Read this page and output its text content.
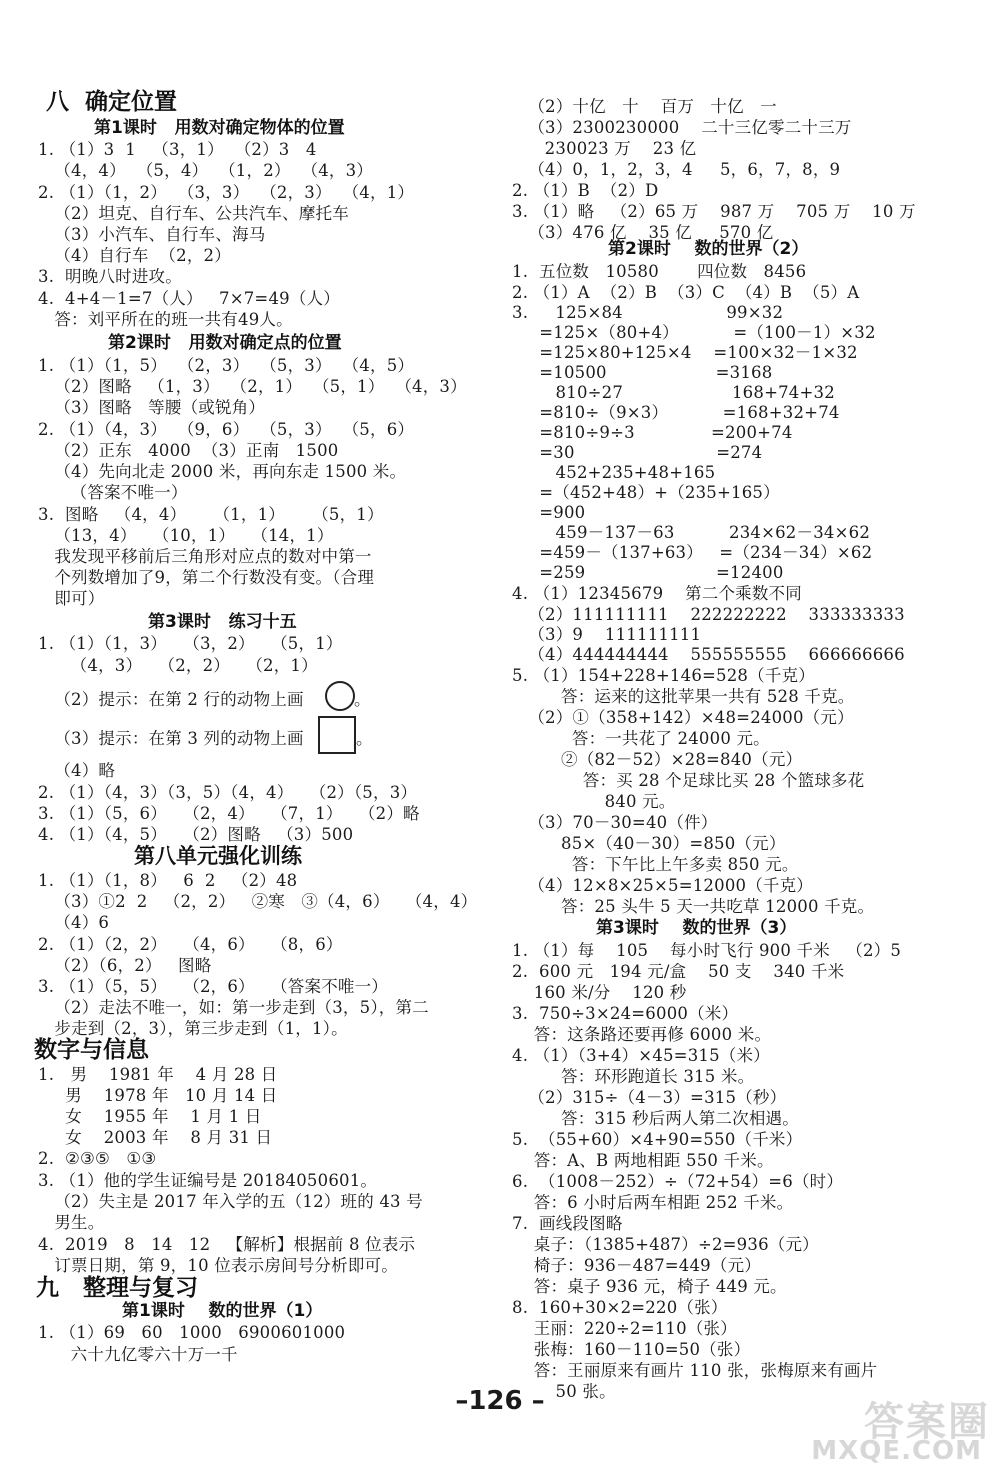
八  确定位置
第1课时   用数对确定物体的位置
1. （1）3  1   （3，1）  （2）3   4
（4，4）  （5，4）  （1，2）  （4，3）
2. （1）（1，2）  （3，3）  （2，3）  （4，1）
（2）坦克、自行车、公共汽车、摩托车
（3）小汽车、自行车、海马
（4）自行车  （2，2）
3.  明晚八时进攻。
4.  4+4－1=7（人）   7×7=49（人）
答：刘平所在的班一共有49人。
第2课时   用数对确定点的位置
1. （1）（1，5）  （2，3）  （5，3）  （4，5）
（2）图略   （1，3）  （2，1）  （5，1）  （4，3）
（3）图略   等腰（或锐角）
2. （1）（4，3）  （9，6）  （5，3）  （5，6）
（2）正东   4000  （3）正南   1500
（4）先向北走 2000 米，再向东走 1500 米。
（答案不唯一）
3.  图略   （4，4）     （1，1）     （5，1）
（13，4）   （10，1）   （14，1）
我发现平移前后三角形对应点的数对中第一
个列数增加了9，第二个行数没有变。（合理
即可）
第3课时   练习十五
1. （1）（1，3）   （3，2）   （5，1）
（4，3）   （2，2）   （2，1）
（2）提示：在第 2 行的动物上画	。
（3）提示：在第 3 列的动物上画	。
（4）略
2. （1）（4，3）（3，5）（4，4）   （2）（5，3）
3. （1）（5，6）   （2，4）   （7，1）   （2）略
4. （1）（4，5）   （2）图略   （3）500
第八单元强化训练
1. （1）（1，8）   6  2   （2）48
（3）①2  2   （2，2）   ②寒   ③（4，6）   （4，4）
（4）6
2. （1）（2，2）   （4，6）   （8，6）
（2）（6，2）   图略
3. （1）（5，5）   （2，6）   （答案不唯一）
（2）走法不唯一，如：第一步走到（3，5），第二
步走到（2，3），第三步走到（1，1）。
数字与信息
1.   男    1981 年    4 月 28 日
男    1978 年   10 月 14 日
女    1955 年    1 月 1 日
女    2003 年    8 月 31 日
2.  ②③⑤   ①③
3. （1）他的学生证编号是 20184050601。
（2）失主是 2017 年入学的五（12）班的 43 号
男生。
4.  2019   8   14   12   【解析】根据前 8 位表示
订票日期，第 9，10 位表示房间号分析即可。
九   整理与复习
第1课时    数的世界（1）
1. （1）69   60   1000   6900601000
六十九亿零六十万一千
（2）十亿   十    百万   十亿   一
（3）2300230000    二十三亿零二十三万
230023 万    23 亿
（4）0，1，2，3，4     5，6，7，8，9
2. （1）B  （2）D
3. （1）略   （2）65 万    987 万    705 万    10 万
（3）476 亿    35 亿     570 亿
第2课时    数的世界（2）
1.  五位数   10580       四位数   8456
2. （1）A  （2）B  （3）C  （4）B  （5）A
3.     125×84                   99×32
=125×（80+4）          =（100－1）×32
=125×80+125×4    =100×32－1×32
=10500                    =3168
810÷27                    168+74+32
=810÷（9×3）          =168+32+74
=810÷9÷3              =200+74
=30                          =274
452+235+48+165
=（452+48）+（235+165）
=900
459－137－63          234×62－34×62
=459－（137+63）   =（234－34）×62
=259                        =12400
4. （1）12345679    第二个乘数不同
（2）111111111    222222222    333333333
（3）9    111111111
（4）444444444    555555555    666666666
5. （1）154+228+146=528（千克）
答：运来的这批苹果一共有 528 千克。
（2）①（358+142）×48=24000（元）
答：一共花了 24000 元。
②（82－52）×28=840（元）
答：买 28 个足球比买 28 个篮球多花
840 元。
（3）70－30=40（件）
85×（40－30）=850（元）
答：下午比上午多卖 850 元。
（4）12×8×25×5=12000（千克）
答：25 头牛 5 天一共吃草 12000 千克。
第3课时    数的世界（3）
1. （1）每    105    每小时飞行 900 千米   （2）5
2.  600 元   194 元/盒    50 支    340 千米
160 米/分    120 秒
3.  750÷3×24=6000（米）
答：这条路还要再修 6000 米。
4. （1）（3+4）×45=315（米）
答：环形跑道长 315 米。
（2）315÷（4－3）=315（秒）
答：315 秒后两人第二次相遇。
5.  （55+60）×4+90=550（千米）
答：A、B 两地相距 550 千米。
6.  （1008－252）÷（72+54）=6（时）
答：6 小时后两车相距 252 千米。
7.  画线段图略
桌子：（1385+487）÷2=936（元）
椅子：936－487=449（元）
答：桌子 936 元，椅子 449 元。
8.  160+30×2=220（张）
王丽：220÷2=110（张）
张梅：160－110=50（张）
答：王丽原来有画片 110 张，张梅原来有画片
50 张。
–126 –	答案圈
MXQE.COM
